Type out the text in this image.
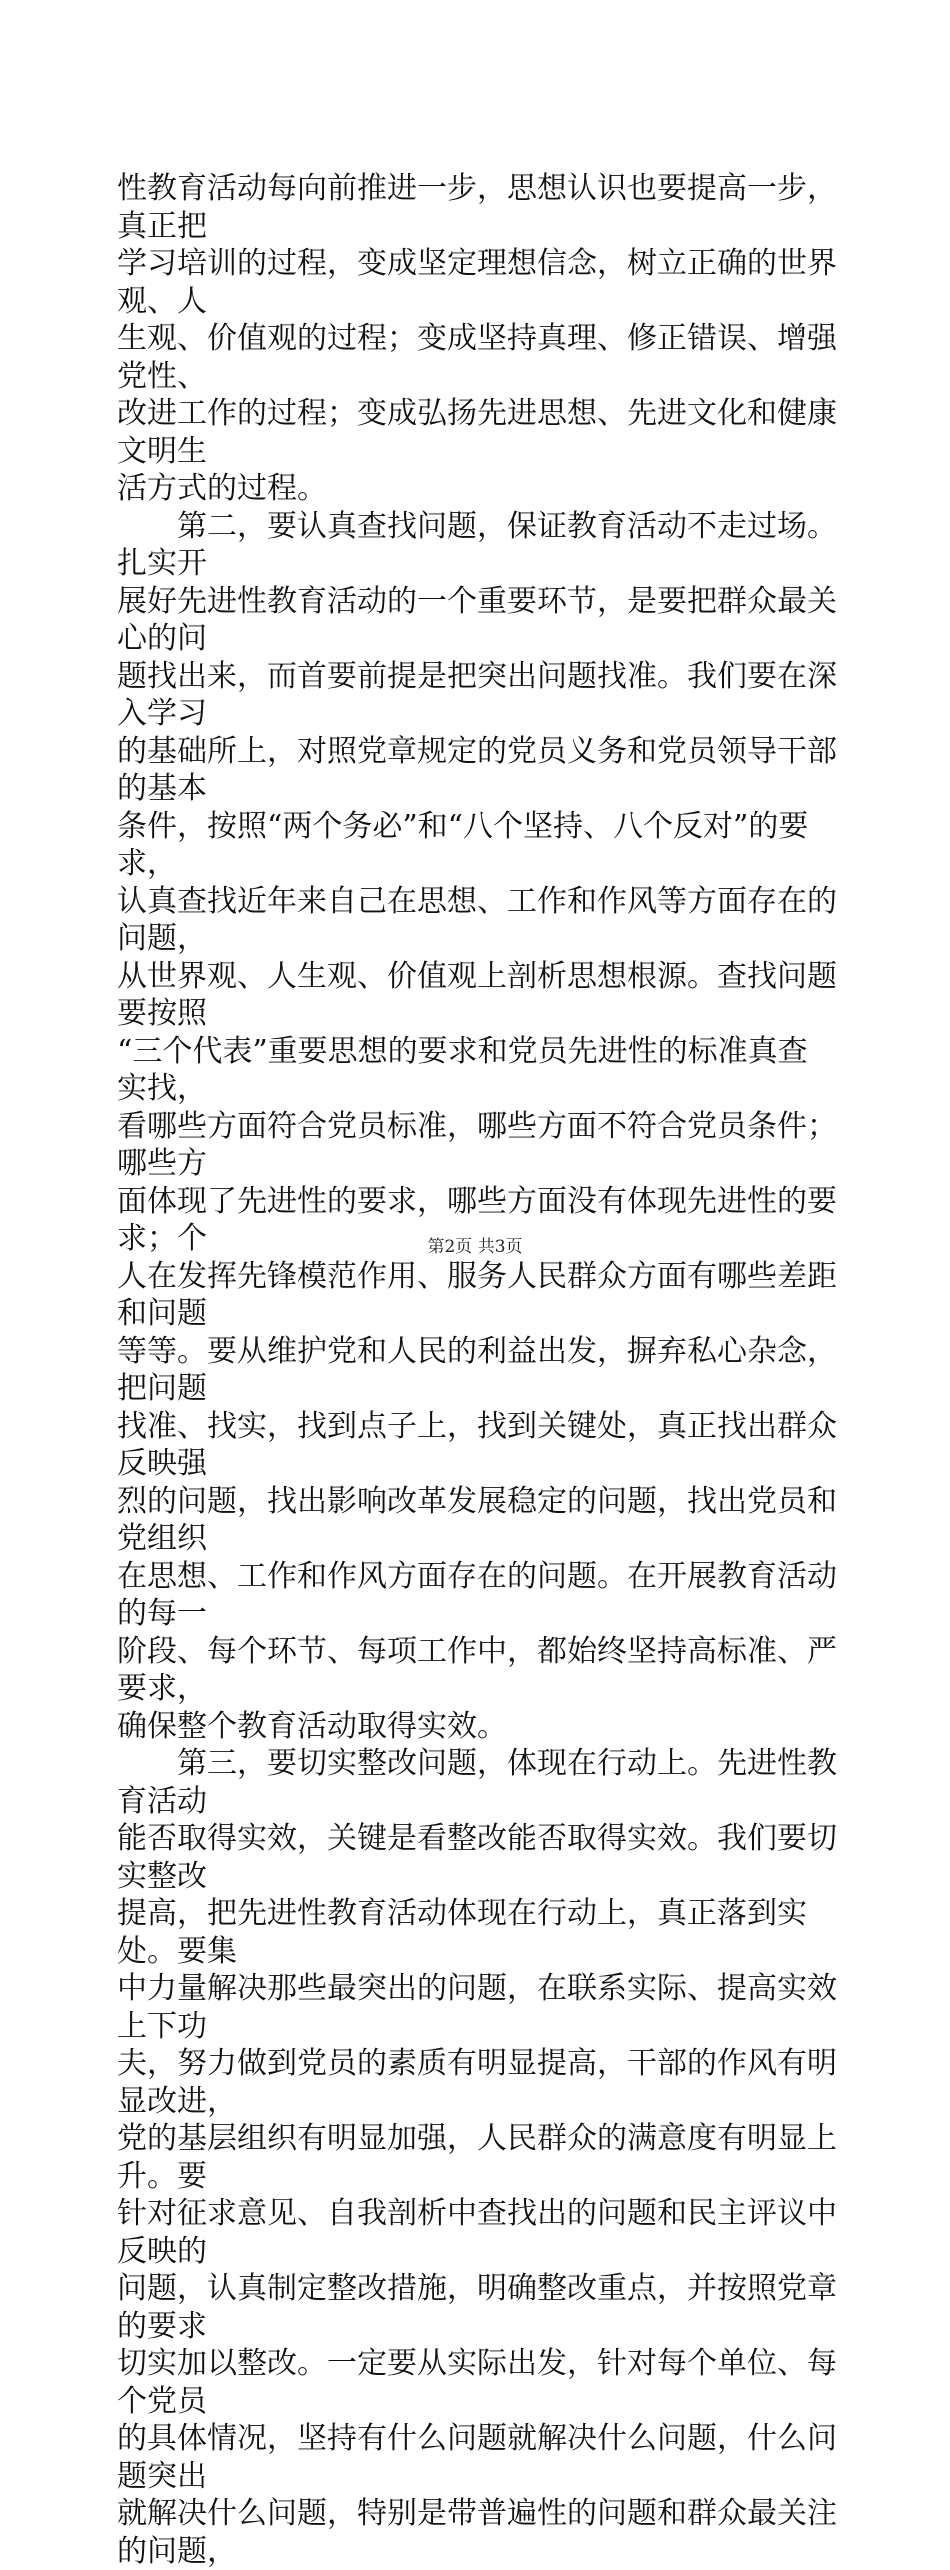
性教育活动每向前推进一步，思想认识也要提高一步，真正把
学习培训的过程，变成坚定理想信念，树立正确的世界观、人
生观、价值观的过程；变成坚持真理、修正错误、增强党性、
改进工作的过程；变成弘扬先进思想、先进文化和健康文明生
活方式的过程。

　　第二，要认真查找问题，保证教育活动不走过场。扎实开
展好先进性教育活动的一个重要环节，是要把群众最关心的问
题找出来，而首要前提是把突出问题找准。我们要在深入学习
的基础所上，对照党章规定的党员义务和党员领导干部的基本
条件，按照“两个务必”和“八个坚持、八个反对”的要求，
认真查找近年来自己在思想、工作和作风等方面存在的问题，
从世界观、人生观、价值观上剖析思想根源。查找问题要按照
“三个代表”重要思想的要求和党员先进性的标准真查实找，
看哪些方面符合党员标准，哪些方面不符合党员条件；哪些方
面体现了先进性的要求，哪些方面没有体现先进性的要求；个
人在发挥先锋模范作用、服务人民群众方面有哪些差距和问题
等等。要从维护党和人民的利益出发，摒弃私心杂念，把问题
找准、找实，找到点子上，找到关键处，真正找出群众反映强
烈的问题，找出影响改革发展稳定的问题，找出党员和党组织
在思想、工作和作风方面存在的问题。在开展教育活动的每一
阶段、每个环节、每项工作中，都始终坚持高标准、严要求，
确保整个教育活动取得实效。

　　第三，要切实整改问题，体现在行动上。先进性教育活动
能否取得实效，关键是看整改能否取得实效。我们要切实整改
提高，把先进性教育活动体现在行动上，真正落到实处。要集
中力量解决那些最突出的问题，在联系实际、提高实效上下功
夫，努力做到党员的素质有明显提高，干部的作风有明显改进，
党的基层组织有明显加强，人民群众的满意度有明显上升。要
针对征求意见、自我剖析中查找出的问题和民主评议中反映的
问题，认真制定整改措施，明确整改重点，并按照党章的要求
切实加以整改。一定要从实际出发，针对每个单位、每个党员
的具体情况，坚持有什么问题就解决什么问题，什么问题突出
就解决什么问题，特别是带普遍性的问题和群众最关注的问题，

第2页 共3页
